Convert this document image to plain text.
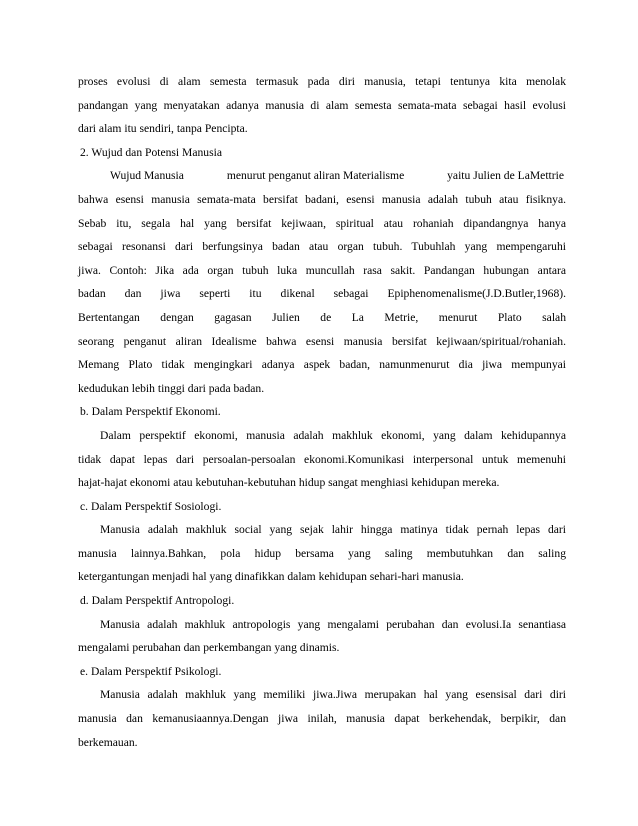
proses evolusi di alam semesta termasuk pada diri manusia, tetapi tentunya kita menolak
pandangan yang menyatakan adanya manusia di alam semesta semata-mata sebagai hasil evolusi
dari alam itu sendiri, tanpa Pencipta.
2. Wujud dan Potensi Manusia
Wujud Manusia	menurut penganut aliran Materialisme	yaitu Julien de LaMettrie
bahwa esensi manusia semata-mata bersifat badani, esensi manusia adalah tubuh atau fisiknya.
Sebab itu, segala hal yang bersifat kejiwaan, spiritual atau rohaniah dipandangnya hanya
sebagai resonansi dari berfungsinya badan atau organ tubuh. Tubuhlah yang mempengaruhi
jiwa. Contoh: Jika ada organ tubuh luka muncullah rasa sakit. Pandangan hubungan antara
badan dan jiwa seperti itu dikenal sebagai Epiphenomenalisme(J.D.Butler,1968).
Bertentangan dengan gagasan Julien de La Metrie, menurut Plato salah
seorang penganut aliran Idealisme bahwa esensi manusia bersifat kejiwaan/spiritual/rohaniah.
Memang Plato tidak mengingkari adanya aspek badan, namunmenurut dia jiwa mempunyai
kedudukan lebih tinggi dari pada badan.
b. Dalam Perspektif Ekonomi.
Dalam perspektif ekonomi, manusia adalah makhluk ekonomi, yang dalam kehidupannya
tidak dapat lepas dari persoalan-persoalan ekonomi.Komunikasi interpersonal untuk memenuhi
hajat-hajat ekonomi atau kebutuhan-kebutuhan hidup sangat menghiasi kehidupan mereka.
c. Dalam Perspektif Sosiologi.
Manusia adalah makhluk social yang sejak lahir hingga matinya tidak pernah lepas dari
manusia lainnya.Bahkan, pola hidup bersama yang saling membutuhkan dan saling
ketergantungan menjadi hal yang dinafikkan dalam kehidupan sehari-hari manusia.
d. Dalam Perspektif Antropologi.
Manusia adalah makhluk antropologis yang mengalami perubahan dan evolusi.Ia senantiasa
mengalami perubahan dan perkembangan yang dinamis.
e. Dalam Perspektif Psikologi.
Manusia adalah makhluk yang memiliki jiwa.Jiwa merupakan hal yang esensisal dari diri
manusia dan kemanusiaannya.Dengan jiwa inilah, manusia dapat berkehendak, berpikir, dan
berkemauan.
